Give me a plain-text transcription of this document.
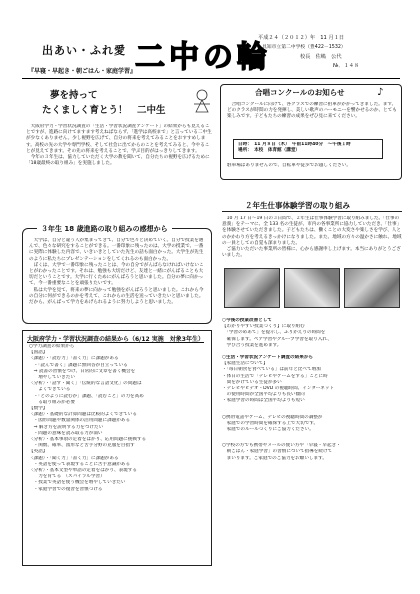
出あい・ふれ愛 二中の輪
『早寝・早起き・朝ごはん・家庭学習』
平成２４（２０１２）年　11 月１日
具知市立第二中学校（豊422－1532）
校長　佐嶋　公代
№．１４８
夢を持って
たくましく育とう！　二中生
　大阪府学力・学習状況調査の「生活・学習状況調査アンケート」の結果からも見えることですが、進路に向けてますます考えねばならず、「進学は高校まで」と言っている二中生が少なくありません。少し視野を広げて、自分の将来を考えてみることをおすすめします。高校の先の大学や専門学校、そして社会に出てからのことを考えてみると、今やることが見えてきます。その先の将来を考えることで、学ぶ目的がはっきりしてきます。
　今年の３年生は、協力していただく大学の教を聞いて、自分たちの視野を広げるために「18歳最終の取り組み」を実施しました。
合唱コンクールのお知らせ	♪
　合唱コンクールに向けて、各クラスでの練習に拍車がかかってきました。まず、どのクラスが時間の力を発揮し、美しい歌声のハーモニーを響かせるのか、とても楽しみです。子どもたちの練習の成果をぜひ見に来てください。
日時：　11 月８日（木）　午前11時40分　～午後１時
場所：　本校　体育館（講堂）
駐車場はありませんので、自転車や徒歩でお越しください。
３年生 18 歳進路の取り組みの感想から
　大学は、自分と違う人が集まってきて、自分で色々と決めていく。自分で授業を選んで、色々な研究をすることができる。一番印象に残ったのは、大学の授業で、一番に実際に体験した内容で、いきいきとしていた先生の話も面白かった。大学生が先生のように私たちにプレゼンテーションをしてくれるのも面白かった。
　ぼくは、大学で一番印象に残ったことは、今の自分でがんばらなければいけないことがわかったことです。それは、勉強も大切だけど、友達と一緒にがんばることも大切だということです。大学に行くためにがんばろうと思いました。自分の夢に向かって、今一番重要なことを頑張りたいです。
　私は大学を見て、将来の夢に向かって勉強をがんばろうと思いました。これから今の自分に何ができるのかを考えて、これからの生活を送っていきたいと思いました。だから、がんばって学力をあげられるように努力しようと思いました。
２年生仕事体験学習の取り組み
　10 月 17 日～19 日の３日間で、２年生は仕事体験学習に取り組みました。「仕事の意義」をテーマに、全 133 名の生徒が、市内の各事業所に協力していただき、「仕事」を体験させていただきました。子どもたちは、働くことの大変さや楽しさを学び、人とのかかわり方を考えるきっかけになりました。また、地域の方々の温かさに触れ、地域の一員としての自覚も深まりました。
　ご協力いただいた事業所の皆様に、心から感謝申し上げます。本当にありがとうございました。
大阪府学力・学習状況調査の結果から（6/12 実施　対象3年生）
○学力調査の結果から
【国語】
〈課題〉・「読む力」「書く力」に課題がある
　・「読んで書く」課題に無回答が目立っている
　⇒ 読書の習慣をつけ、日常的に文章を書く機会を
　　増やしていきたい
〈分析〉・「話す・聞く」「伝統的な言語文化」の問題は
　　よくできている
　・「どのように読むか」課題、「読むこと」の力を高め
　　る取り組みが必要
【数学】
〈課題〉・基礎的な計算問題は比較的よくできている
　・図形問題や数量関係の活用問題に課題がある
　⇒ 解き方を説明する力をつけたい
　・問題の意味を読み取る力が弱い
〈分析〉・基本事項の定着をはかり、応用問題に挑戦する
　・関数、確率、図形など苦手分野の克服を目指す
【英語】
〈課題〉・「聞く力」「書く力」に課題がある
　・英語を使って表現することに苦手意識がある
〈分析〉・基本文型や単語の定着をはかり、表現する
　　力を育てる　（スパイラル学習）
　・授業で英語を使う機会を増やしていきたい
　・家庭学習での復習を習慣づける
○今後の授業改善として
【わかりやすい授業づくり】に取り組む
　「学習のめあて」を提示し、ふりかえりの時間を
　確保します。ペア学習やグループ学習を取り入れ、
　学び合う授業を進めます。
○生活・学習状況アンケート調査の結果から
【家庭生活について】
・「毎日朝食を食べている」は前年と比べて増加
・体日の生活で「テレビやゲームをする」ことに時
　間をかけている生徒が多い
・テレビやビデオ・DVD の視聴時間、インターネット
　の使用時間が全国平均よりも長い傾向
・家庭学習の時間は全国平均よりも短い
○携帯電話やゲーム、テレビの視聴時間の調整が
　家庭での学習時間を確保する上で大切です。
　家庭でのルールづくりにご協力ください。
○学校の方でも携帯やメールの使い方や「早寝・早起き・
　朝ごはん・家庭学習」の習慣について指導を続けて
　まいります。ご家庭でのご協力をお願いします。
